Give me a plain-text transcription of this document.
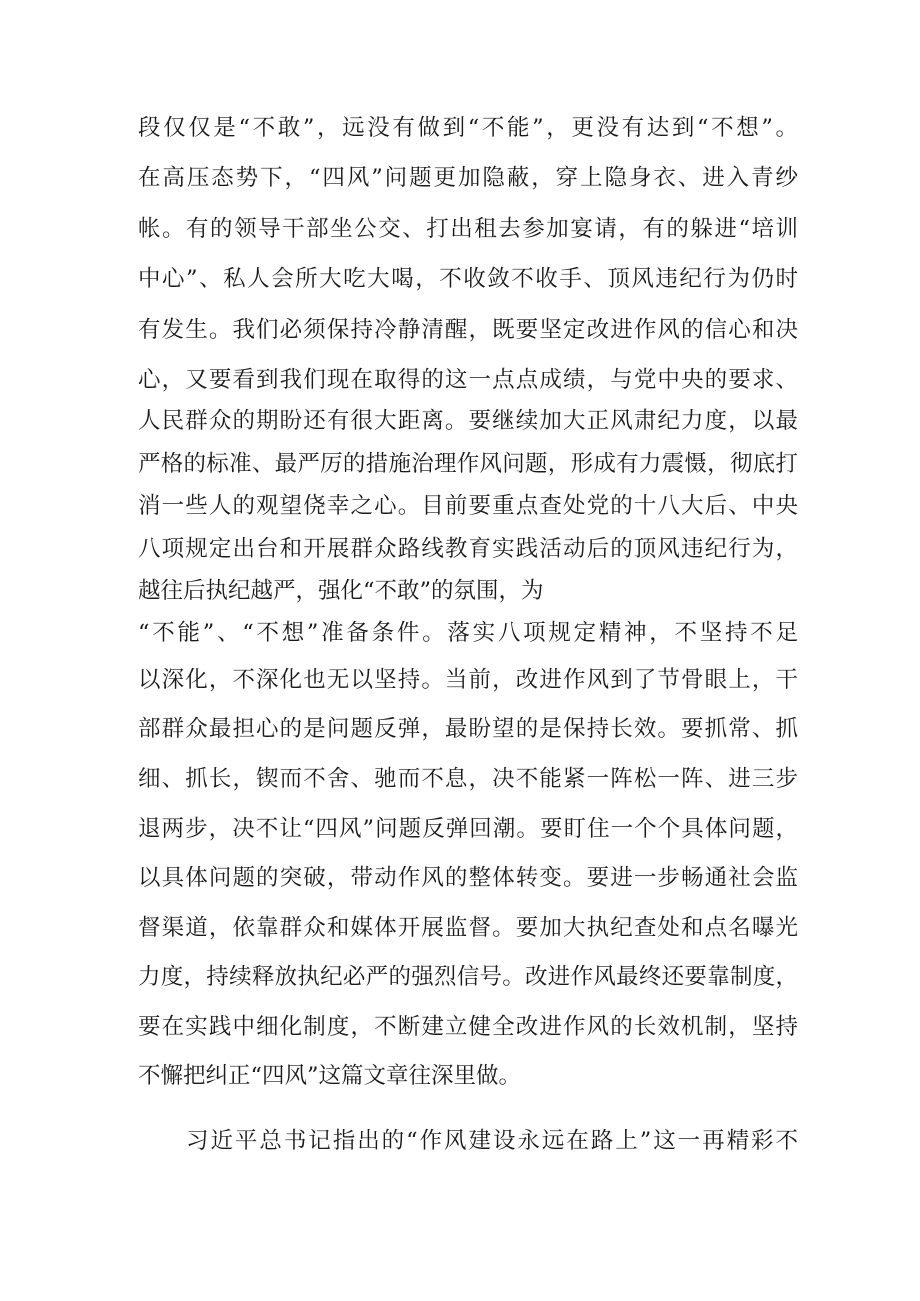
段仅仅是“不敢”，远没有做到“不能”，更没有达到“不想”。
在高压态势下，“四风”问题更加隐蔽，穿上隐身衣、进入青纱
帐。有的领导干部坐公交、打出租去参加宴请，有的躲进“培训
中心”、私人会所大吃大喝，不收敛不收手、顶风违纪行为仍时
有发生。我们必须保持冷静清醒，既要坚定改进作风的信心和决
心，又要看到我们现在取得的这一点点成绩，与党中央的要求、
人民群众的期盼还有很大距离。要继续加大正风肃纪力度，以最
严格的标准、最严厉的措施治理作风问题，形成有力震慑，彻底打
消一些人的观望侥幸之心。目前要重点查处党的十八大后、中央
八项规定出台和开展群众路线教育实践活动后的顶风违纪行为，
越往后执纪越严，强化“不敢”的氛围，为
“不能”、“不想”准备条件。落实八项规定精神，不坚持不足
以深化，不深化也无以坚持。当前，改进作风到了节骨眼上，干
部群众最担心的是问题反弹，最盼望的是保持长效。要抓常、抓
细、抓长，锲而不舍、驰而不息，决不能紧一阵松一阵、进三步
退两步，决不让“四风”问题反弹回潮。要盯住一个个具体问题，
以具体问题的突破，带动作风的整体转变。要进一步畅通社会监
督渠道，依靠群众和媒体开展监督。要加大执纪查处和点名曝光
力度，持续释放执纪必严的强烈信号。改进作风最终还要靠制度，
要在实践中细化制度，不断建立健全改进作风的长效机制，坚持
不懈把纠正“四风”这篇文章往深里做。
习近平总书记指出的“作风建设永远在路上”这一再精彩不
